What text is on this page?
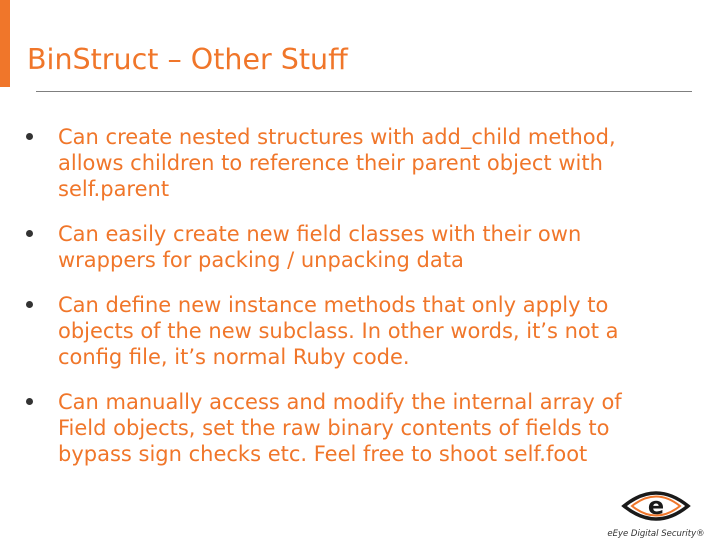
BinStruct – Other Stuff
Can create nested structures with add_child method,
allows children to reference their parent object with
self.parent
Can easily create new field classes with their own
wrappers for packing / unpacking data
Can define new instance methods that only apply to
objects of the new subclass. In other words, it’s not a
config file, it’s normal Ruby code.
Can manually access and modify the internal array of
Field objects, set the raw binary contents of fields to
bypass sign checks etc. Feel free to shoot self.foot
e
eEye Digital Security®
